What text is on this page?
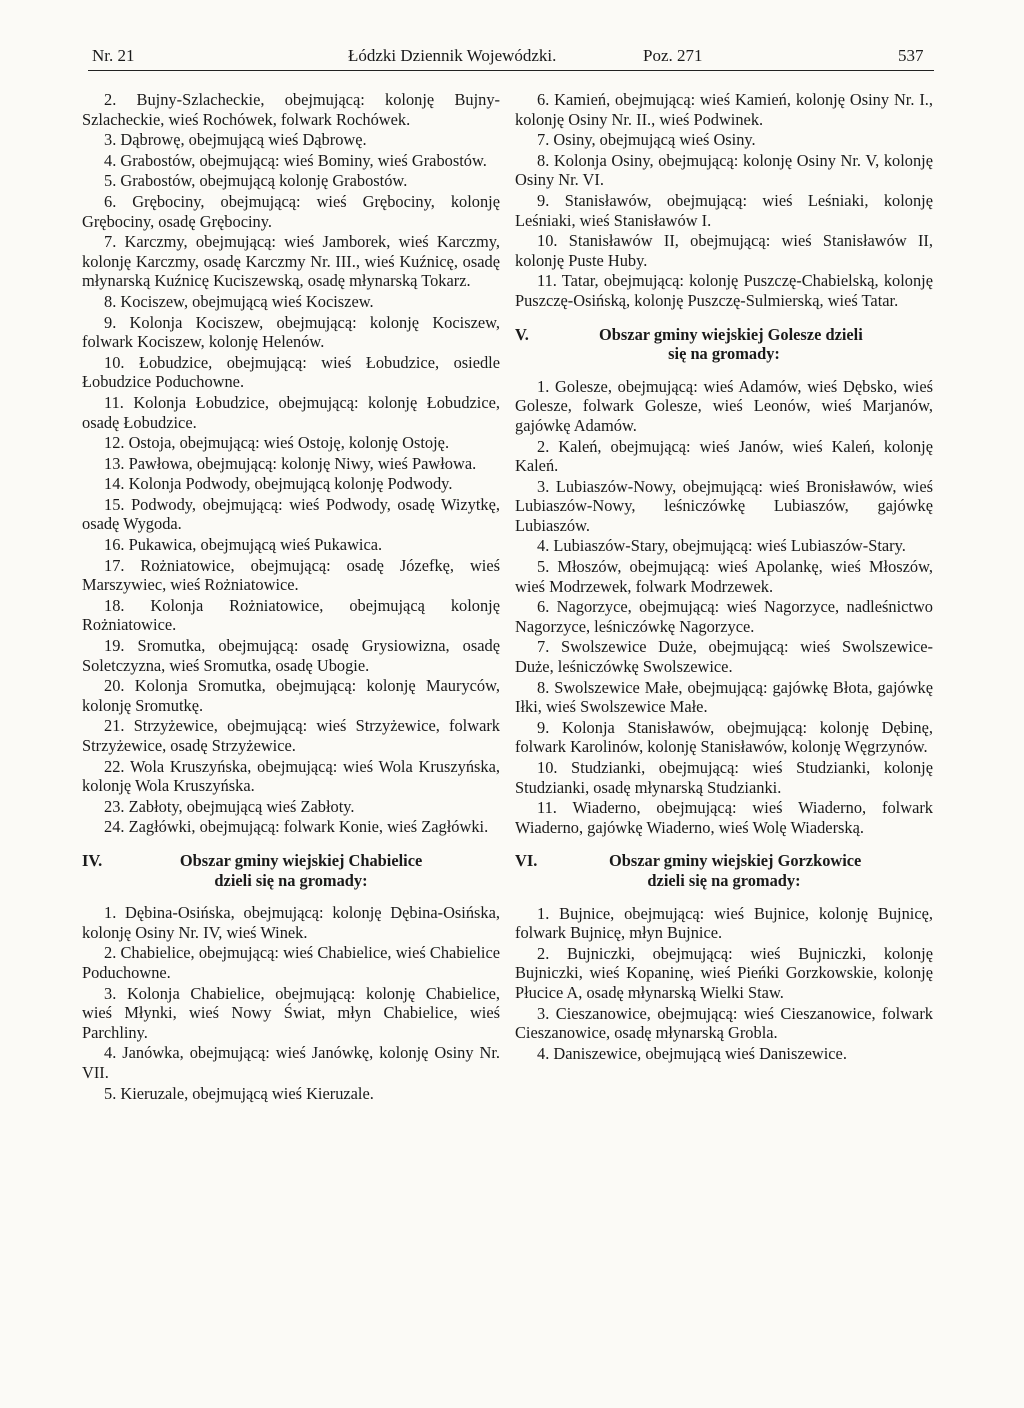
Nr. 21	Łódzki Dziennik Wojewódzki.	Poz. 271	537

2. Bujny-Szlacheckie, obejmującą: kolonję Bujny-Szlacheckie, wieś Rochówek, folwark Rochówek.

3. Dąbrowę, obejmującą wieś Dąbrowę.

4. Grabostów, obejmującą: wieś Bominy, wieś Grabostów.

5. Grabostów, obejmującą kolonję Grabostów.

6. Grębociny, obejmującą: wieś Grębociny, kolonję Grębociny, osadę Grębociny.

7. Karczmy, obejmującą: wieś Jamborek, wieś Karczmy, kolonję Karczmy, osadę Karczmy Nr. III., wieś Kuźnicę, osadę młynarską Kuźnicę Kuciszewską, osadę młynarską Tokarz.

8. Kociszew, obejmującą wieś Kociszew.

9. Kolonja Kociszew, obejmującą: kolonję Kociszew, folwark Kociszew, kolonję Helenów.

10. Łobudzice, obejmującą: wieś Łobudzice, osiedle Łobudzice Poduchowne.

11. Kolonja Łobudzice, obejmującą: kolonję Łobudzice, osadę Łobudzice.

12. Ostoja, obejmującą: wieś Ostoję, kolonję Ostoję.

13. Pawłowa, obejmującą: kolonję Niwy, wieś Pawłowa.

14. Kolonja Podwody, obejmującą kolonję Podwody.

15. Podwody, obejmującą: wieś Podwody, osadę Wizytkę, osadę Wygoda.

16. Pukawica, obejmującą wieś Pukawica.

17. Rożniatowice, obejmującą: osadę Józefkę, wieś Marszywiec, wieś Rożniatowice.

18. Kolonja Rożniatowice, obejmującą kolonję Rożniatowice.

19. Sromutka, obejmującą: osadę Grysiowizna, osadę Soletczyzna, wieś Sromutka, osadę Ubogie.

20. Kolonja Sromutka, obejmującą: kolonję Mauryców, kolonję Sromutkę.

21. Strzyżewice, obejmującą: wieś Strzyżewice, folwark Strzyżewice, osadę Strzyżewice.

22. Wola Kruszyńska, obejmującą: wieś Wola Kruszyńska, kolonję Wola Kruszyńska.

23. Zabłoty, obejmującą wieś Zabłoty.

24. Zagłówki, obejmującą: folwark Konie, wieś Zagłówki.

IV.	Obszar gminy wiejskiej Chabielice
dzieli się na gromady:

1. Dębina-Osińska, obejmującą: kolonję Dębina-Osińska, kolonję Osiny Nr. IV, wieś Winek.

2. Chabielice, obejmującą: wieś Chabielice, wieś Chabielice Poduchowne.

3. Kolonja Chabielice, obejmującą: kolonję Chabielice, wieś Młynki, wieś Nowy Świat, młyn Chabielice, wieś Parchliny.

4. Janówka, obejmującą: wieś Janówkę, kolonję Osiny Nr. VII.

5. Kieruzale, obejmującą wieś Kieruzale.

6. Kamień, obejmującą: wieś Kamień, kolonję Osiny Nr. I., kolonję Osiny Nr. II., wieś Podwinek.

7. Osiny, obejmującą wieś Osiny.

8. Kolonja Osiny, obejmującą: kolonję Osiny Nr. V, kolonję Osiny Nr. VI.

9. Stanisławów, obejmującą: wieś Leśniaki, kolonję Leśniaki, wieś Stanisławów I.

10. Stanisławów II, obejmującą: wieś Stanisławów II, kolonję Puste Huby.

11. Tatar, obejmującą: kolonję Puszczę-Chabielską, kolonję Puszczę-Osińską, kolonję Puszczę-Sulmierską, wieś Tatar.

V.	Obszar gminy wiejskiej Golesze dzieli
się na gromady:

1. Golesze, obejmującą: wieś Adamów, wieś Dębsko, wieś Golesze, folwark Golesze, wieś Leonów, wieś Marjanów, gajówkę Adamów.

2. Kaleń, obejmującą: wieś Janów, wieś Kaleń, kolonję Kaleń.

3. Lubiaszów-Nowy, obejmującą: wieś Bronisławów, wieś Lubiaszów-Nowy, leśniczówkę Lubiaszów, gajówkę Lubiaszów.

4. Lubiaszów-Stary, obejmującą: wieś Lubiaszów-Stary.

5. Młoszów, obejmującą: wieś Apolankę, wieś Młoszów, wieś Modrzewek, folwark Modrzewek.

6. Nagorzyce, obejmującą: wieś Nagorzyce, nadleśnictwo Nagorzyce, leśniczówkę Nagorzyce.

7. Swolszewice Duże, obejmującą: wieś Swolszewice-Duże, leśniczówkę Swolszewice.

8. Swolszewice Małe, obejmującą: gajówkę Błota, gajówkę Iłki, wieś Swolszewice Małe.

9. Kolonja Stanisławów, obejmującą: kolonję Dębinę, folwark Karolinów, kolonję Stanisławów, kolonję Węgrzynów.

10. Studzianki, obejmującą: wieś Studzianki, kolonję Studzianki, osadę młynarską Studzianki.

11. Wiaderno, obejmującą: wieś Wiaderno, folwark Wiaderno, gajówkę Wiaderno, wieś Wolę Wiaderską.

VI.	Obszar gminy wiejskiej Gorzkowice
dzieli się na gromady:

1. Bujnice, obejmującą: wieś Bujnice, kolonję Bujnicę, folwark Bujnicę, młyn Bujnice.

2. Bujniczki, obejmującą: wieś Bujniczki, kolonję Bujniczki, wieś Kopaninę, wieś Pieńki Gorzkowskie, kolonję Płucice A, osadę młynarską Wielki Staw.

3. Cieszanowice, obejmującą: wieś Cieszanowice, folwark Cieszanowice, osadę młynarską Grobla.

4. Daniszewice, obejmującą wieś Daniszewice.
